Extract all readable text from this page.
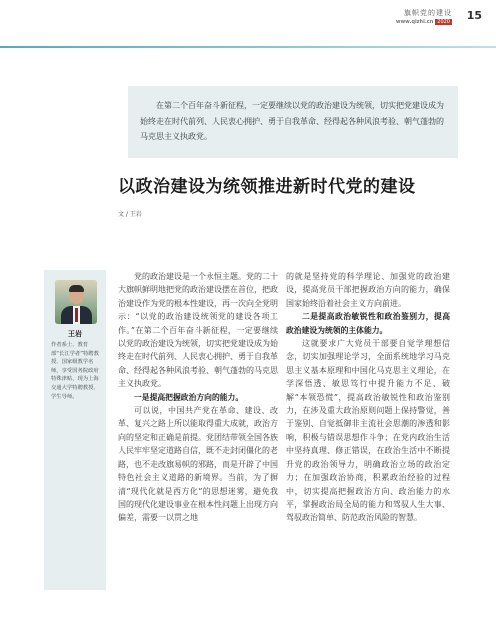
旗帜党的建设
www.qizhi.cn 2020 15
在第二个百年奋斗新征程，一定要继续以党的政治建设为统领，切实把党建设成为始终走在时代前列、人民衷心拥护、勇于自我革命、经得起各种风浪考验、朝气蓬勃的马克思主义执政党。
以政治建设为统领推进新时代党的建设
文 / 王岩
王岩
作者系士、教育部“长江学者”特聘教授、国家级教学名师，享受国务院政府特殊津贴，现为上海交通大学特聘教授、学生导师。

党的政治建设是一个永恒主题。党的二十大旗帜鲜明地把党的政治建设摆在首位，把政治建设作为党的根本性建设，再一次向全党明示：“以党的政治建设统领党的建设各项工作。”在第二个百年奋斗新征程，一定要继续以党的政治建设为统领，切实把党建设成为始终走在时代前列、人民衷心拥护、勇于自我革命、经得起各种风浪考验、朝气蓬勃的马克思主义执政党。

一是提高把握政治方向的能力。

可以说，中国共产党在革命、建设、改革、复兴之路上所以能取得重大成就，政治方向的坚定和正确是前提。党团结带领全国各族人民牢牢坚定道路自信，既不走封闭僵化的老路，也不走改旗易帜的邪路，而是开辟了中国特色社会主义道路的新境界。当前，为了摒清“现代化就是西方化”的思想迷雾，避免我国的现代化建设事业在根本性问题上出现方向偏差，需要一以贯之地

的就是坚持党的科学理论、加强党的政治建设，提高党员干部把握政治方向的能力，确保国家始终沿着社会主义方向前进。

二是提高政治敏锐性和政治鉴别力，提高政治建设为统领的主体能力。

这就要求广大党员干部要自觉学理想信念，切实加强理论学习，全面系统地学习马克思主义基本原理和中国化马克思主义理论，在学深悟透、敏思笃行中提升能力不足、破解“本领恐慌”，提高政治敏锐性和政治鉴别力，在涉及重大政治原则问题上保持警觉，善于鉴别、自觉抵御非主流社会思潮的渗透和影响，积极与错误思想作斗争；在党内政治生活中坚持真理、修正错误，在政治生活中不断提升党的政治领导力，明确政治立场的政治定力；在加强政治协商，积累政治经验的过程中，切实提高把握政治方向、政治能力的水平，掌握政治局全局的能力和驾驭人生大事、驾驭政治简单、防范政治风险的智慧。
